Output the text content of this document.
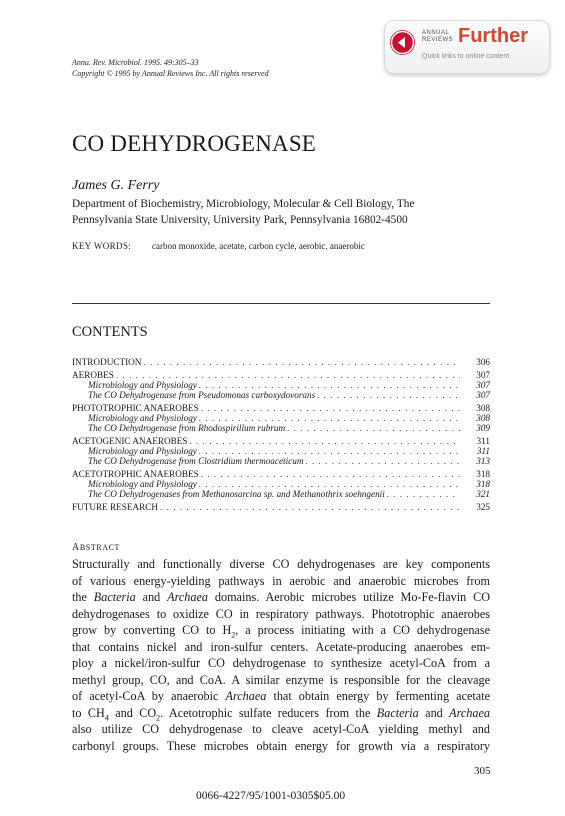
Annu. Rev. Microbiol. 1995. 49:305–33
Copyright © 1995 by Annual Reviews Inc. All rights reserved
ANNUAL
REVIEWS Further
Quick links to online content
CO DEHYDROGENASE
James G. Ferry
Department of Biochemistry, Microbiology, Molecular & Cell Biology, The
Pennsylvania State University, University Park, Pennsylvania 16802-4500
KEY WORDS: carbon monoxide, acetate, carbon cycle, aerobic, anaerobic
CONTENTS
INTRODUCTION . . .	306
AEROBES . . .	307
Microbiology and Physiology . . .	307
The CO Dehydrogenase from Pseudomonas carboxydovorans . . .	307
PHOTOTROPHIC ANAEROBES . . .	308
Microbiology and Physiology . . .	308
The CO Dehydrogenase from Rhodospirillum rubrum . . .	309
ACETOGENIC ANAEROBES . . .	311
Microbiology and Physiology . . .	311
The CO Dehydrogenase from Clostridium thermoaceticum . . .	313
ACETOTROPHIC ANAEROBES . . .	318
Microbiology and Physiology . . .	318
The CO Dehydrogenases from Methanosarcina sp. and Methanothrix soehngenii . . .	321
FUTURE RESEARCH . . .	325
ABSTRACT
Structurally and functionally diverse CO dehydrogenases are key components
of various energy-yielding pathways in aerobic and anaerobic microbes from
the Bacteria and Archaea domains. Aerobic microbes utilize Mo-Fe-flavin CO
dehydrogenases to oxidize CO in respiratory pathways. Phototrophic anaerobes
grow by converting CO to $H_2$, a process initiating with a CO dehydrogenase
that contains nickel and iron-sulfur centers. Acetate-producing anaerobes em-
ploy a nickel/iron-sulfur CO dehydrogenase to synthesize acetyl-CoA from a
methyl group, CO, and CoA. A similar enzyme is responsible for the cleavage
of acetyl-CoA by anaerobic Archaea that obtain energy by fermenting acetate
to $CH_4$ and $CO_2$. Acetotrophic sulfate reducers from the Bacteria and Archaea
also utilize CO dehydrogenase to cleave acetyl-CoA yielding methyl and
carbonyl groups. These microbes obtain energy for growth via a respiratory
305
0066-4227/95/1001-0305$05.00
